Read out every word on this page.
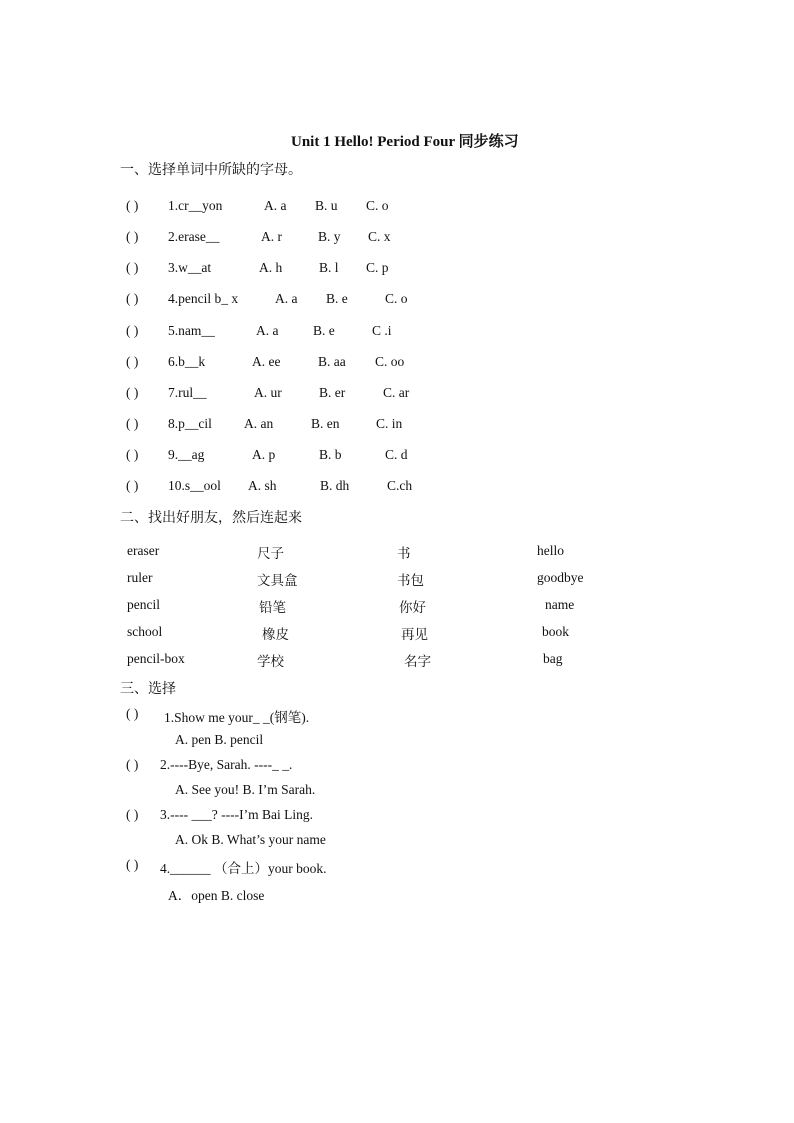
Unit 1 Hello! Period Four 同步练习
一、选择单词中所缺的字母。
( ) 1.cr__yon	A. a B. u C. o
( ) 2.erase__	A. r	B. y C. x
( ) 3.w__at	A. h	B. l C. p
( ) 4.pencil b_ x	A. a B. e	C. o
( ) 5.nam__	A. a	B. e	C .i
( ) 6.b__k	A. ee	B. aa C. oo
( ) 7.rul__	A. ur	B. er	C. ar
( ) 8.p__cil A. an	B. en	C. in
( ) 9.__ag	A. p	B. b	C. d
( ) 10.s__ool A. sh	B. dh	C.ch
二、找出好朋友，然后连起来
eraser	尺子	书	hello
ruler	文具盒	书包	goodbye
pencil	铅笔	你好	name
school	橡皮	再见	book
pencil-box	学校	名字	bag
三、选择
( ) 1.Show me your_ _(钢笔).
A. pen B. pencil
( ) 2.----Bye, Sarah. ----_ _.
A. See you! B. I’m Sarah.
( ) 3.---- ___? ----I’m Bai Ling.
A. Ok B. What’s your name
( ) 4.______ （合上）your book.
A．open B. close
